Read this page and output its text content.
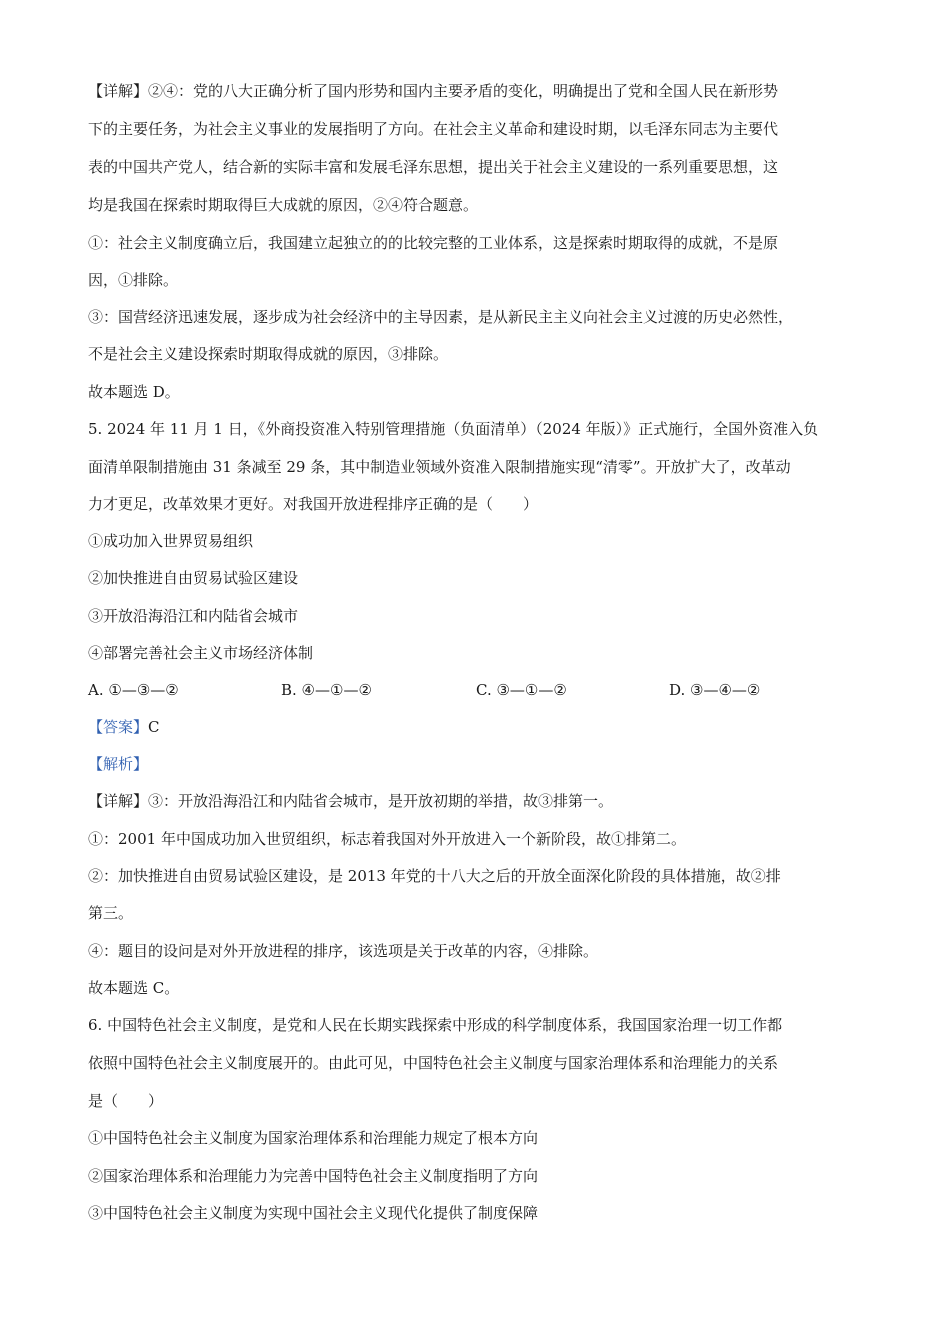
【详解】②④：党的八大正确分析了国内形势和国内主要矛盾的变化，明确提出了党和全国人民在新形势
下的主要任务，为社会主义事业的发展指明了方向。在社会主义革命和建设时期，以毛泽东同志为主要代
表的中国共产党人，结合新的实际丰富和发展毛泽东思想，提出关于社会主义建设的一系列重要思想，这
均是我国在探索时期取得巨大成就的原因，②④符合题意。
①：社会主义制度确立后，我国建立起独立的的比较完整的工业体系，这是探索时期取得的成就，不是原
因，①排除。
③：国营经济迅速发展，逐步成为社会经济中的主导因素，是从新民主主义向社会主义过渡的历史必然性，
不是社会主义建设探索时期取得成就的原因，③排除。
故本题选 D。
5. 2024 年 11 月 1 日，《外商投资准入特别管理措施（负面清单）（2024 年版）》正式施行，全国外资准入负
面清单限制措施由 31 条减至 29 条，其中制造业领域外资准入限制措施实现“清零”。开放扩大了，改革动
力才更足，改革效果才更好。对我国开放进程排序正确的是（　　）
①成功加入世界贸易组织
②加快推进自由贸易试验区建设
③开放沿海沿江和内陆省会城市
④部署完善社会主义市场经济体制
A. ①—③—②	B. ④—①—②	C. ③—①—②	D. ③—④—②
【答案】C
【解析】
【详解】③：开放沿海沿江和内陆省会城市，是开放初期的举措，故③排第一。
①：2001 年中国成功加入世贸组织，标志着我国对外开放进入一个新阶段，故①排第二。
②：加快推进自由贸易试验区建设，是 2013 年党的十八大之后的开放全面深化阶段的具体措施，故②排
第三。
④：题目的设问是对外开放进程的排序，该选项是关于改革的内容，④排除。
故本题选 C。
6. 中国特色社会主义制度，是党和人民在长期实践探索中形成的科学制度体系，我国国家治理一切工作都
依照中国特色社会主义制度展开的。由此可见，中国特色社会主义制度与国家治理体系和治理能力的关系
是（　　）
①中国特色社会主义制度为国家治理体系和治理能力规定了根本方向
②国家治理体系和治理能力为完善中国特色社会主义制度指明了方向
③中国特色社会主义制度为实现中国社会主义现代化提供了制度保障
